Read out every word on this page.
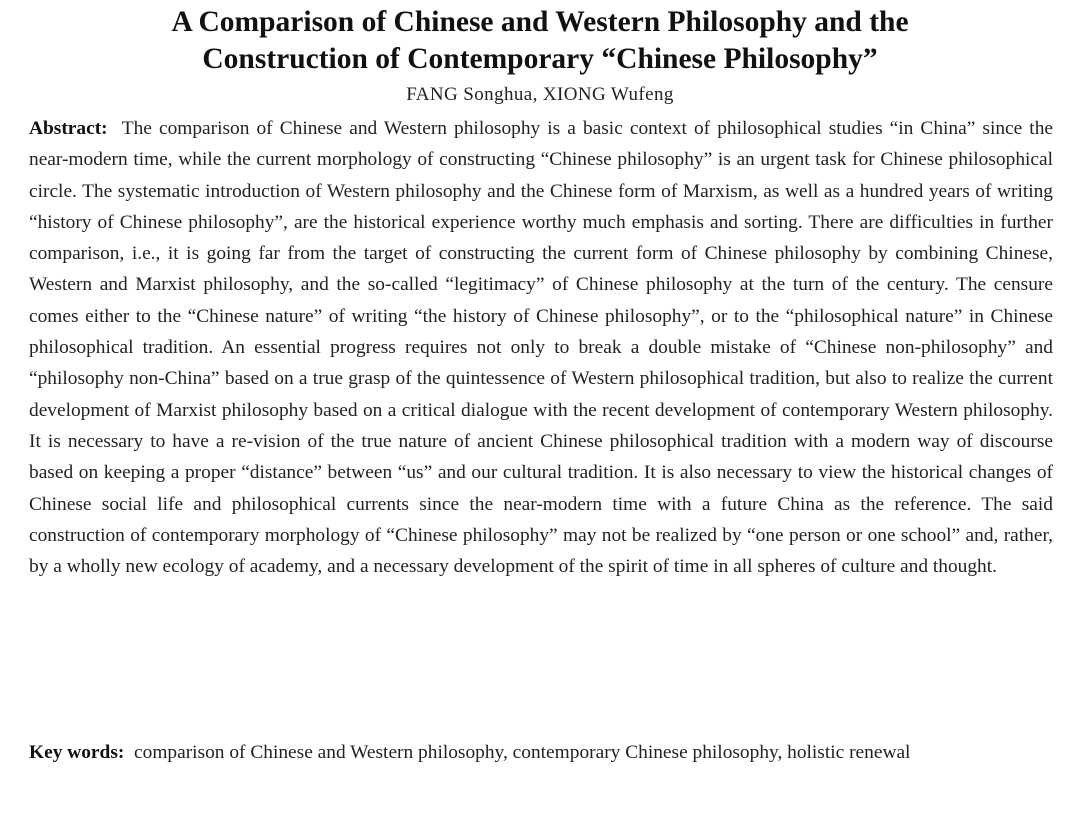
A Comparison of Chinese and Western Philosophy and the
Construction of Contemporary “Chinese Philosophy”
FANG Songhua, XIONG Wufeng
Abstract:  The comparison of Chinese and Western philosophy is a basic context of philosophical studies “in China” since the near-modern time, while the current morphology of constructing “Chinese philosophy” is an urgent task for Chinese philosophical circle. The systematic introduction of Western philosophy and the Chinese form of Marxism, as well as a hundred years of writing “history of Chinese philosophy”, are the historical experience worthy much emphasis and sorting. There are difficulties in further comparison, i.e., it is going far from the target of constructing the current form of Chinese philosophy by combining Chinese, Western and Marxist philosophy, and the so-called “legitimacy” of Chinese philosophy at the turn of the century. The censure comes either to the “Chinese nature” of writing “the history of Chinese philosophy”, or to the “philosophical nature” in Chinese philosophical tradition. An essential progress requires not only to break a double mistake of “Chinese non-philosophy” and “philosophy non-China” based on a true grasp of the quintessence of Western philosophical tradition, but also to realize the current development of Marxist philosophy based on a critical dialogue with the recent development of contemporary Western philosophy. It is necessary to have a re-vision of the true nature of ancient Chinese philosophical tradition with a modern way of discourse based on keeping a proper “distance” between “us” and our cultural tradition. It is also necessary to view the historical changes of Chinese social life and philosophical currents since the near-modern time with a future China as the reference. The said construction of contemporary morphology of “Chinese philosophy” may not be realized by “one person or one school” and, rather, by a wholly new ecology of academy, and a necessary development of the spirit of time in all spheres of culture and thought.
Key words:  comparison of Chinese and Western philosophy, contemporary Chinese philosophy, holistic renewal
